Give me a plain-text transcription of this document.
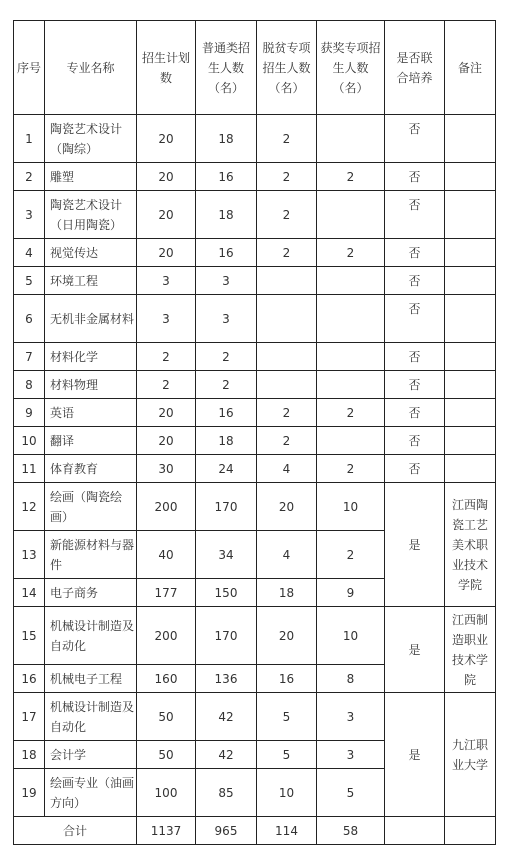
序号	专业名称	招生计划数	普通类招生人数（名）	脱贫专项招生人数（名）	获奖专项招生人数（名）	是否联合培养	备注
1	陶瓷艺术设计（陶综）	20	18	2		否	
2	雕塑	20	16	2	2	否	
3	陶瓷艺术设计（日用陶瓷）	20	18	2		否	
4	视觉传达	20	16	2	2	否	
5	环境工程	3	3			否	
6	无机非金属材料	3	3			否	
7	材料化学	2	2			否	
8	材料物理	2	2			否	
9	英语	20	16	2	2	否	
10	翻译	20	18	2		否	
11	体育教育	30	24	4	2	否	
12	绘画（陶瓷绘画）	200	170	20	10	是	江西陶瓷工艺美术职业技术学院
13	新能源材料与器件	40	34	4	2		
14	电子商务	177	150	18	9		
15	机械设计制造及自动化	200	170	20	10	是	江西制造职业技术学院
16	机械电子工程	160	136	16	8		
17	机械设计制造及自动化	50	42	5	3	是	九江职业大学
18	会计学	50	42	5	3		
19	绘画专业（油画方向）	100	85	10	5		
合计		1137	965	114	58		
